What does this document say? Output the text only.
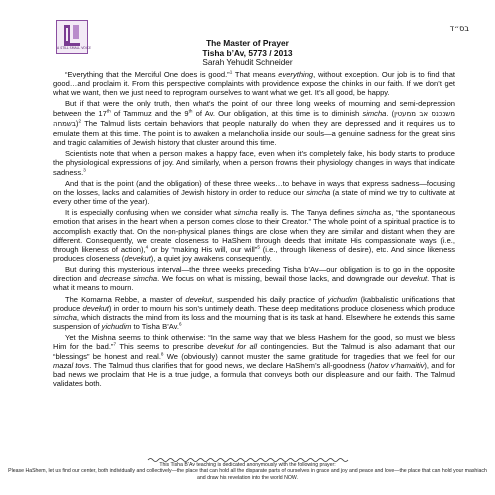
A STILL SMALL VOICE
בס״ד

The Master of Prayer

Tisha b’Av, 5773 / 2013

Sarah Yehudit Schneider

“Everything that the Merciful One does is good.”$^1$ That means everything, without exception. Our job is to find that good…and proclaim it. From this perspective complaints with providence expose the chinks in our faith. If we don’t get what we want, then we just need to reprogram ourselves to want what we get. It’s all good, be happy.

But if that were the only truth, then what’s the point of our three long weeks of mourning and semi-depression between the 17th of Tammuz and the 9th of Av. Our obligation, at this time is to diminish simcha. (משנכנס אב ממעטין בשמחה)$^2$ The Talmud lists certain behaviors that people naturally do when they are depressed and it requires us to emulate them at this time. The point is to awaken a melancholia inside our souls—a genuine sadness for the great sins and tragic calamities of Jewish history that cluster around this time.

Scientists note that when a person makes a happy face, even when it’s completely fake, his body starts to produce the physiological expressions of joy. And similarly, when a person frowns their physiology changes in ways that indicate sadness.$^3$

And that is the point (and the obligation) of these three weeks…to behave in ways that express sadness—focusing on the losses, lacks and calamities of Jewish history in order to reduce our simcha (a state of mind we try to cultivate at every other time of the year).

It is especially confusing when we consider what simcha really is. The Tanya defines simcha as, “the spontaneous emotion that arises in the heart when a person comes close to their Creator.” The whole point of a spiritual practice is to accomplish exactly that. On the non-physical planes things are close when they are similar and distant when they are different. Consequently, we create closeness to HaShem through deeds that imitate His compassionate ways (i.e., through likeness of action),$^4$ or by “making His will, our will”$^5$ (i.e., through likeness of desire), etc. And since likeness produces closeness (devekut), a quiet joy awakens consequently.

But during this mysterious interval—the three weeks preceding Tisha b’Av—our obligation is to go in the opposite direction and decrease simcha. We focus on what is missing, bewail those lacks, and downgrade our devekut. That is what it means to mourn.

The Komarna Rebbe, a master of devekut, suspended his daily practice of yichudim (kabbalistic unifications that produce devekut) in order to mourn his son’s untimely death. These deep meditations produce closeness which produce simcha, which distracts the mind from its loss and the mourning that is its task at hand. Elsewhere he extends this same suspension of yichudim to Tisha B’Av.$^6$

Yet the Mishna seems to think otherwise: “In the same way that we bless Hashem for the good, so must we bless Him for the bad.”$^7$ This seems to prescribe devekut for all contingencies. But the Talmud is also adamant that our “blessings” be honest and real.$^8$ We (obviously) cannot muster the same gratitude for tragedies that we feel for our mazal tovs. The Talmud thus clarifies that for good news, we declare HaShem’s all-goodness (hatov v’hamaitiv), and for bad news we proclaim that He is a true judge, a formula that conveys both our displeasure and our faith. The Talmud validates both.

This Tisha B’Av teaching is dedicated anonymously with the following prayer:

Please HaShem, let us find our center, both individually and collectively—the place that can hold all the disparate parts of ourselves in grace and joy and peace and love—the place that can hold your mashiach and draw his revelation into the world NOW.
